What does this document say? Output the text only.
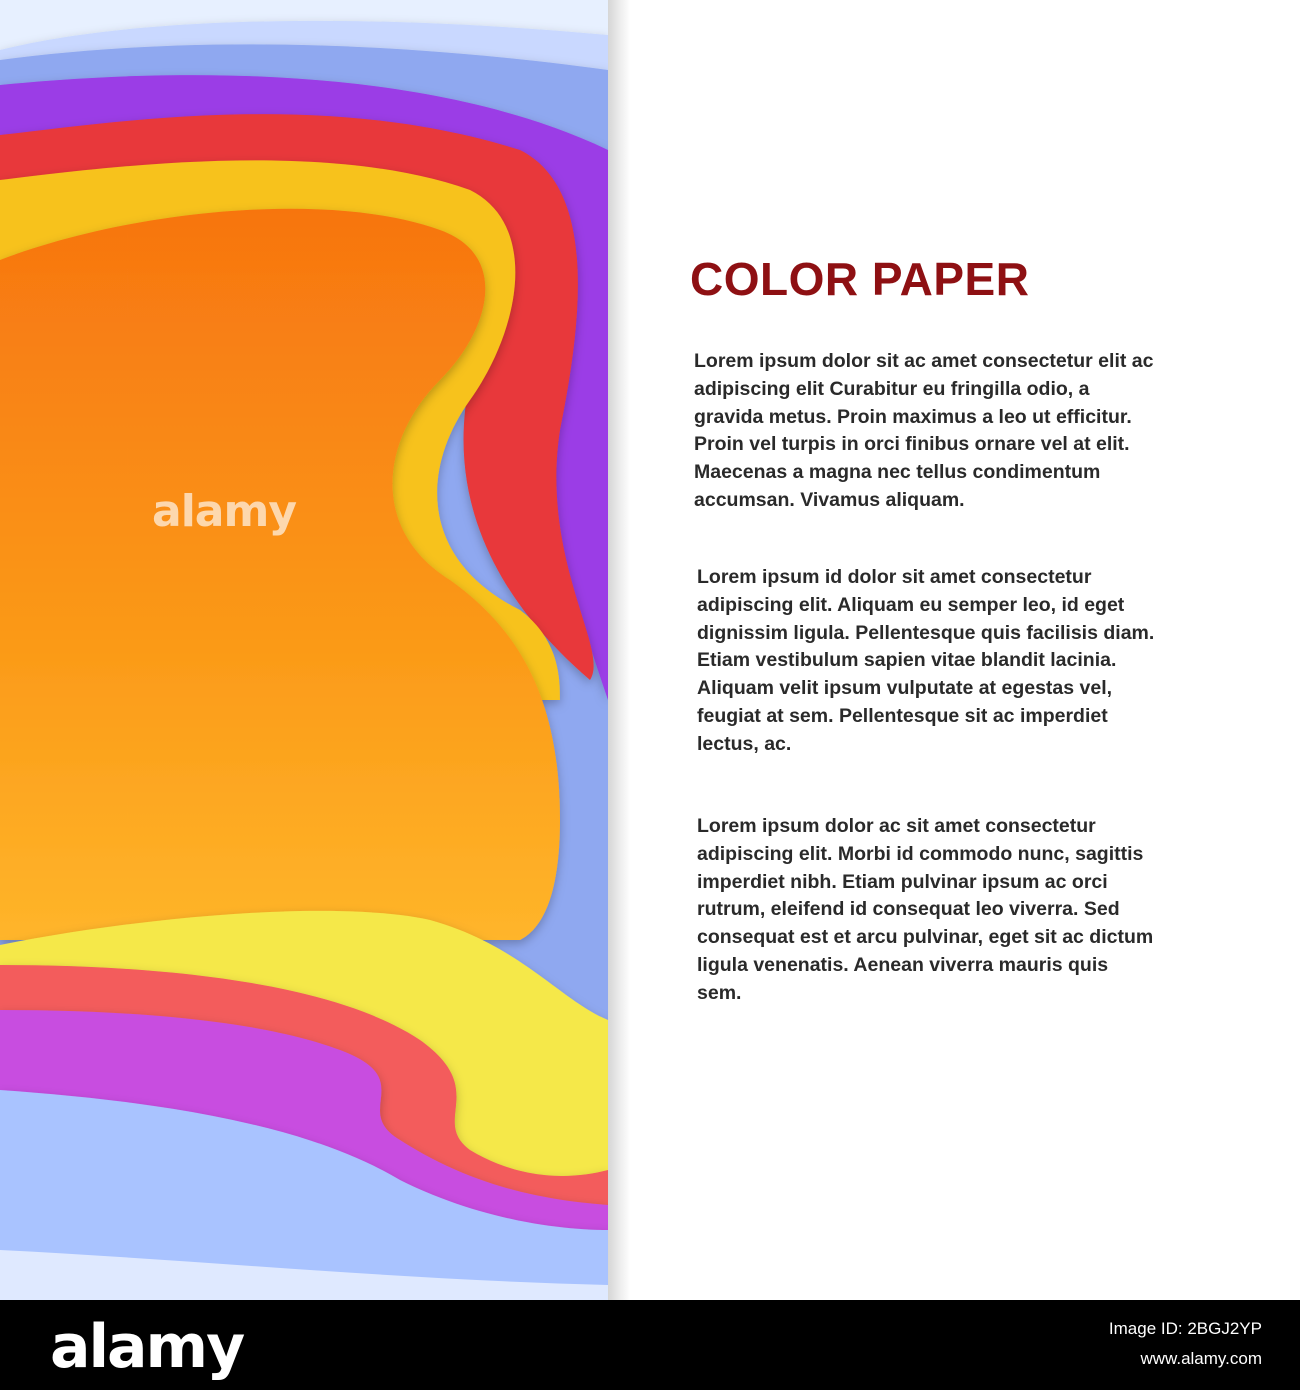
alamy
COLOR PAPER

Lorem ipsum dolor sit ac amet consectetur elit ac adipiscing elit Curabitur eu fringilla odio, a gravida metus. Proin maximus a leo ut efficitur. Proin vel turpis in orci finibus ornare vel at elit. Maecenas a magna nec tellus condimentum accumsan. Vivamus aliquam.

Lorem ipsum id dolor sit amet consectetur adipiscing elit. Aliquam eu semper leo, id eget dignissim ligula. Pellentesque quis facilisis diam. Etiam vestibulum sapien vitae blandit lacinia. Aliquam velit ipsum vulputate at egestas vel, feugiat at sem. Pellentesque sit ac imperdiet lectus, ac.

Lorem ipsum dolor ac sit amet consectetur adipiscing elit. Morbi id commodo nunc, sagittis imperdiet nibh. Etiam pulvinar ipsum ac orci rutrum, eleifend id consequat leo viverra. Sed consequat est et arcu pulvinar, eget sit ac dictum ligula venenatis. Aenean viverra mauris quis sem.

alamy	Image ID: 2BGJ2YP
www.alamy.com
